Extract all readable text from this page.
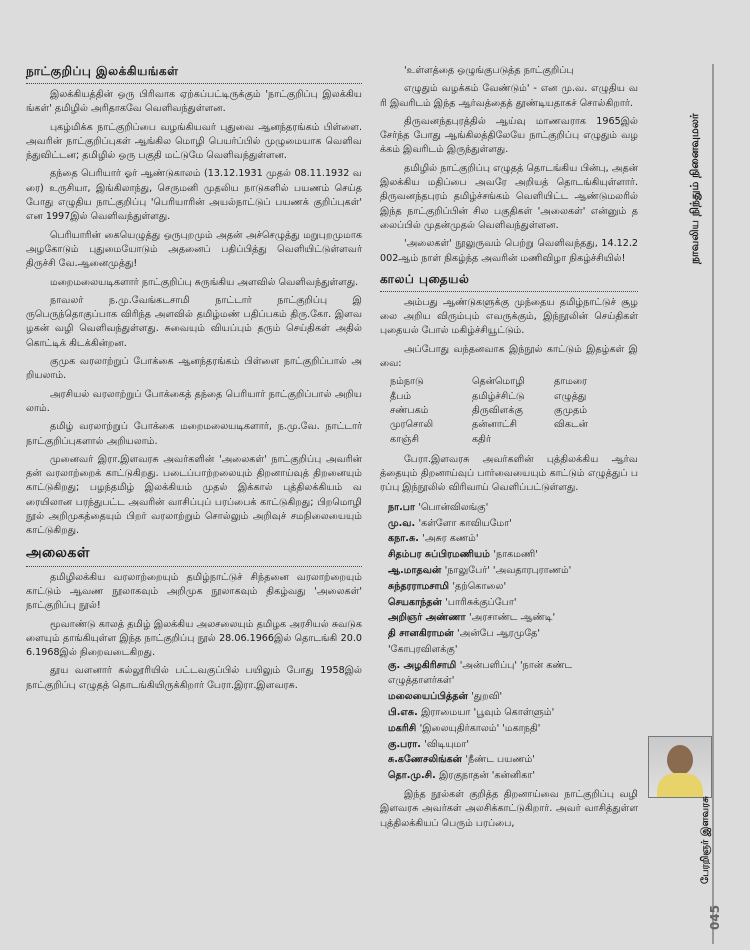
நாட்குறிப்பு இலக்கியங்கள்

இலக்கியத்தின் ஒரு பிரிவாக ஏற்கப்பட்டிருக்கும் 'நாட்குறிப்பு இலக்கியங்கள்' தமிழில் அரிதாகவே வெளிவந்துள்ளன.

புகழ்மிக்க நாட்குறிப்பை வழங்கியவர் புதுவை ஆனந்தரங்கம் பிள்ளை. அவரின் நாட்குறிப்புகள் ஆங்கில மொழி பெயர்ப்பில் முழுமையாக வெளிவந்துவிட்டன; தமிழில் ஒரு பகுதி மட்டுமே வெளிவந்துள்ளன.

தந்தை பெரியார் ஓர் ஆண்டுகாலம் (13.12.1931 முதல் 08.11.1932 வரை) உருசியா, இங்கிலாந்து, செருமனி முதலிய நாடுகளில் பயணம் செய்த போது எழுதிய நாட்குறிப்பு 'பெரியாரின் அயல்நாட்டுப் பயணக் குறிப்புகள்' என 1997இல் வெளிவந்துள்ளது.

பெரியாரின் கையெழுத்து ஒருபுறமும் அதன் அச்செழுத்து மறுபுறமுமாக அழகோடும் புதுமையோடும் அதனைப் பதிப்பித்து வெளியிட்டுள்ளவர் திருச்சி வே.ஆனைமுத்து!

மறைமலையடிகளார் நாட்குறிப்பு சுருங்கிய அளவில் வெளிவந்துள்ளது.

நாவலர் ந.மு.வேங்கடசாமி நாட்டார் நாட்குறிப்பு இருபெருந்தொகுப்பாக விரிந்த அளவில் தமிழ்மண் பதிப்பகம் திரு.கோ. இளவழகன் வழி வெளிவந்துள்ளது. சுவையும் வியப்பும் தரும் செய்திகள் அதில் கொட்டிக் கிடக்கின்றன.

குமுக வரலாற்றுப் போக்கை ஆனந்தரங்கம் பிள்ளை நாட்குறிப்பால் அறியலாம்.

அரசியல் வரலாற்றுப் போக்கைத் தந்தை பெரியார் நாட்குறிப்பால் அறியலாம்.

தமிழ் வரலாற்றுப் போக்கை மறைமலையடிகளார், ந.மு.வே. நாட்டார் நாட்குறிப்புகளால் அறியலாம்.

முனைவர் இரா.இளவரசு அவர்களின் 'அலைகள்' நாட்குறிப்பு அவரின் தன் வரலாற்றைக் காட்டுகிறது. படைப்பாற்றலையும் திறனாய்வுத் திறனையும் காட்டுகிறது; பழந்தமிழ் இலக்கியம் முதல் இக்கால் புத்திலக்கியம் வரையிலான பரந்துபட்ட அவரின் வாசிப்புப் பரப்பைக் காட்டுகிறது; பிறமொழி நூல் அறிமுகத்தையும் பிறர் வரலாற்றும் சொல்லும் அறிவுச் சமநிலையையும் காட்டுகிறது.

அலைகள்

தமிழிலக்கிய வரலாற்றையும் தமிழ்நாட்டுச் சிந்தனை வரலாற்றையும் காட்டும் ஆவண நூலாகவும் அறிமுக நூலாகவும் திகழ்வது 'அலைகள்' நாட்குறிப்பு நூல்!

மூவாண்டு காலத் தமிழ் இலக்கிய அலசலையும் தமிழக அரசியல் சுவடுகளையும் தாங்கியுள்ள இந்த நாட்குறிப்பு நூல் 28.06.1966இல் தொடங்கி 20.06.1968இல் நிறைவடைகிறது.

தூய வளனார் கல்லூரியில் பட்டவகுப்பில் பயிலும் போது 1958இல் நாட்குறிப்பு எழுதத் தொடங்கியிருக்கிறார் பேரா.இரா.இளவரசு.

'உள்ளத்தை ஒழுங்குபடுத்த நாட்குறிப்பு

எழுதும் வழக்கம் வேண்டும்' - என மு.வ. எழுதிய வரி இவரிடம் இந்த ஆர்வத்தைத் தூண்டியதாகச் சொல்கிறார்.

திருவனந்தபுரத்தில் ஆய்வு மாணவராக 1965இல் சேர்ந்த போது ஆங்கிலத்திலேயே நாட்குறிப்பு எழுதும் வழக்கம் இவரிடம் இருந்துள்ளது.

தமிழில் நாட்குறிப்பு எழுதத் தொடங்கிய பின்பு, அதன் இலக்கிய மதிப்பை அவரே அறியத் தொடங்கியுள்ளார். திருவனந்தபுரம் தமிழ்ச்சங்கம் வெளியிட்ட ஆண்டுமலரில் இந்த நாட்குறிப்பின் சில பகுதிகள் 'அலைகள்' என்னும் தலைப்பில் முதன்முதல் வெளிவந்துள்ளன.

'அலைகள்' நூலுருவம் பெற்று வெளிவந்தது, 14.12.2002ஆம் நாள் நிகழ்ந்த அவரின் மணிவிழா நிகழ்ச்சியில்!

காலப் புதையல்

அம்பது ஆண்டுகளுக்கு முந்தைய தமிழ்நாட்டுச் சூழலை அறிய விரும்பும் எவருக்கும், இந்நூலின் செய்திகள் புதையல் போல் மகிழ்ச்சியூட்டும்.

அப்போது வந்தனவாக இந்நூல் காட்டும் இதழ்கள் இவை:

நம்நாடு	தென்மொழி	தாமரை
தீபம்	தமிழ்ச்சிட்டு	எழுத்து
சண்பகம்	திருவிளக்கு	குமுதம்
முரசொலி	தன்னாட்சி	விகடன்
காஞ்சி	கதிர்

பேரா.இளவரசு அவர்களின் புத்திலக்கிய ஆர்வத்தையும் திறனாய்வுப் பார்வையையும் காட்டும் எழுத்துப் பரப்பு இந்நூலில் விரிவாய் வெளிப்பட்டுள்ளது.

நா.பா 'பொன்விலங்கு'
மு.வ. 'கள்ளோ காவியமோ'
கநா.சு. 'அசுர கணம்'
சிதம்பர சுப்பிரமணியம் 'நாகமணி'
ஆ.மாதவன் 'நாலுபேர்' 'அவதாரபுராணம்'
சுந்தரராமசாமி 'தற்கொலை'
செயகாந்தன் 'பாரிசுக்குப்போ'
அறிஞர் அண்ணா 'அரசாண்ட ஆண்டி'
தி சானகிராமன் 'அன்பே ஆரமுதே'
'கோபுரவிளக்கு'
கு. அழகிரிசாமி 'அன்பளிப்பு' 'நான் கண்ட
எழுத்தாளர்கள்'
மலையைப்பித்தன் 'துறவி'
பி.எசு. இராமையா 'பூவும் கொள்ளும்'
மகரிசி 'இலையுதிர்காலம்' 'மகாநதி'
கு.பரா. 'விடியுமா'
சு.கணேசலிங்கன் 'நீண்ட பயணம்'
தொ.மு.சி. இரகுநாதன் 'கன்னிகா'

இந்த நூல்கள் குறித்த திறனாய்வை நாட்குறிப்பு வழி இளவரசு அவர்கள் அலசிக்காட்டுகிறார். அவர் வாசித்துள்ள புத்திலக்கியப் பெரும் பரப்பை,

நாவலிய நிந்தும் நினைவுமலர்
பேரறிஞர் இளவரசு
045
